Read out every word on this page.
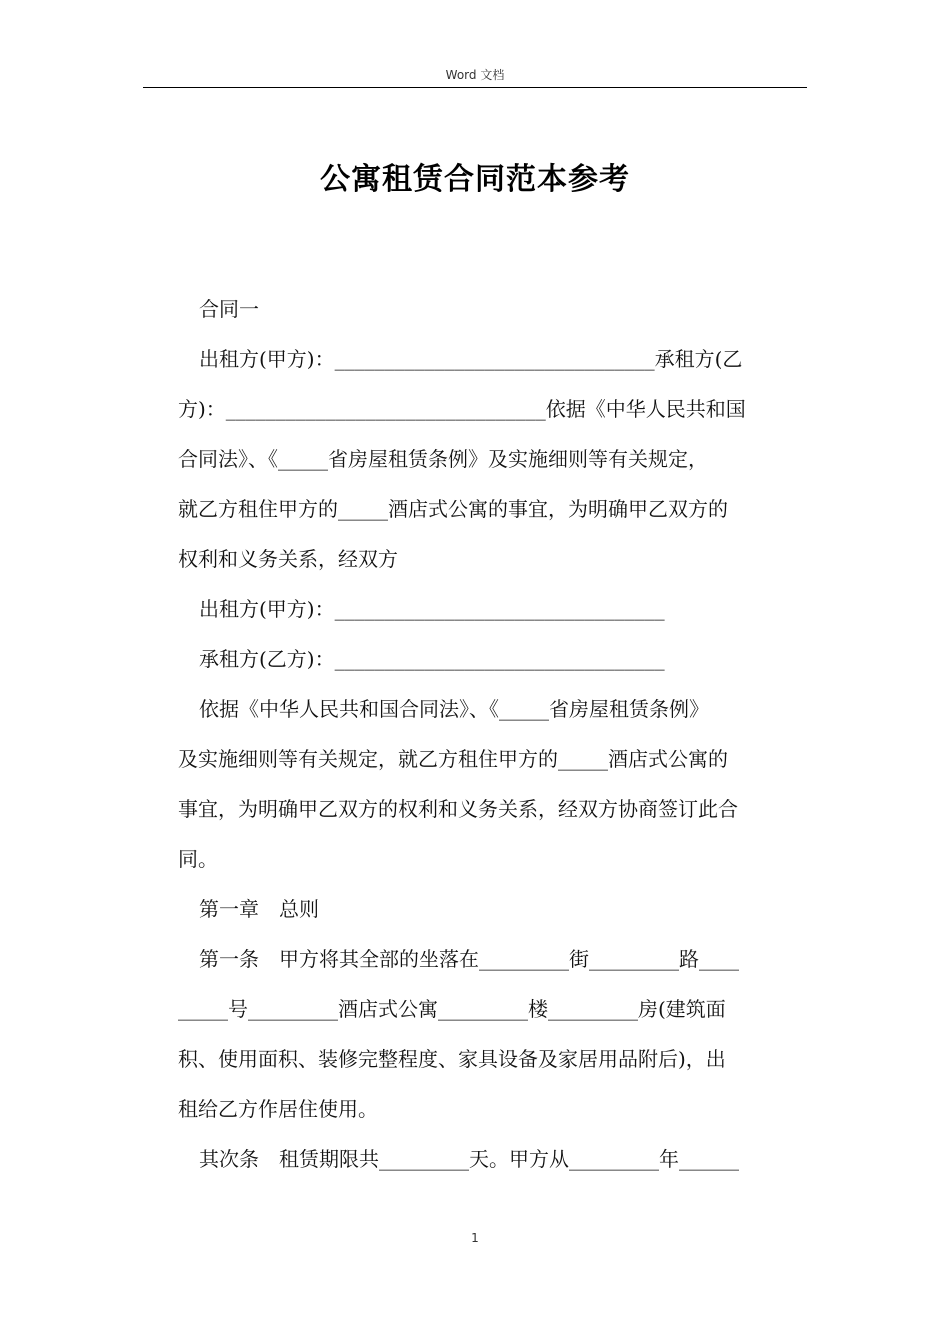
Word 文档
公寓租赁合同范本参考
合同一
出租方(甲方)：________________________________承租方(乙
方)：________________________________依据《中华人民共和国
合同法》、《_____省房屋租赁条例》及实施细则等有关规定，
就乙方租住甲方的_____酒店式公寓的事宜，为明确甲乙双方的
权利和义务关系，经双方
出租方(甲方)：_________________________________
承租方(乙方)：_________________________________
依据《中华人民共和国合同法》、《_____省房屋租赁条例》
及实施细则等有关规定，就乙方租住甲方的_____酒店式公寓的
事宜，为明确甲乙双方的权利和义务关系，经双方协商签订此合
同。
第一章　总则
第一条　甲方将其全部的坐落在_________街_________路____
_____号_________酒店式公寓_________楼_________房(建筑面
积、使用面积、装修完整程度、家具设备及家居用品附后)，出
租给乙方作居住使用。
其次条　租赁期限共_________天。甲方从_________年______
1
